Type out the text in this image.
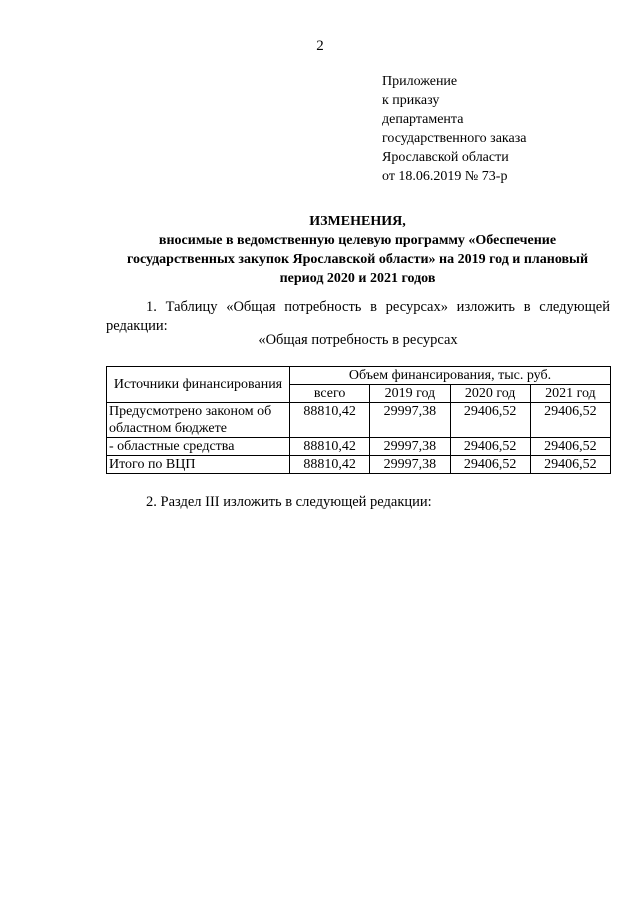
2
Приложение
к приказу
департамента
государственного заказа
Ярославской области
от 18.06.2019 № 73-р
ИЗМЕНЕНИЯ,
вносимые в ведомственную целевую программу «Обеспечение
государственных закупок Ярославской области» на 2019 год и плановый
период 2020 и 2021 годов
1. Таблицу «Общая потребность в ресурсах» изложить в следующей редакции:
«Общая потребность в ресурсах
Источники финансирования	Объем финансирования, тыс. руб.			
	всего	2019 год	2020 год	2021 год
Предусмотрено законом об областном бюджете	88810,42	29997,38	29406,52	29406,52
- областные средства	88810,42	29997,38	29406,52	29406,52
Итого по ВЦП	88810,42	29997,38	29406,52	29406,52
2. Раздел III изложить в следующей редакции:
